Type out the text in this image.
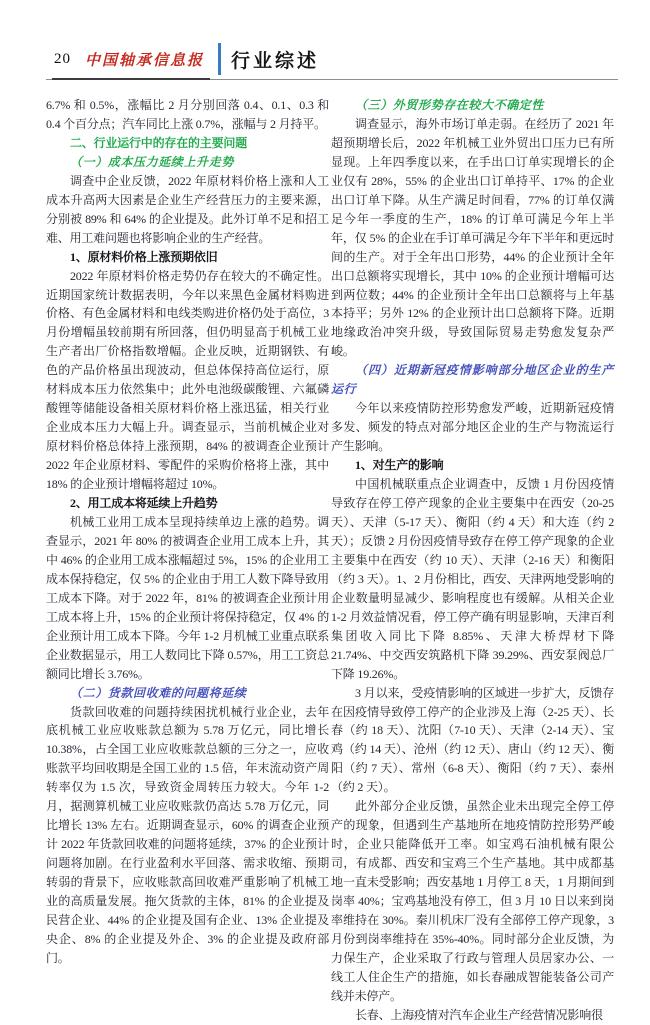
20 中国轴承信息报	行业综述

6.7% 和 0.5%，涨幅比 2 月分别回落 0.4、0.1、0.3 和 0.4 个百分点；汽车同比上涨 0.7%，涨幅与 2 月持平。

二、行业运行中的存在的主要问题

（一）成本压力延续上升走势

调查中企业反馈，2022 年原材料价格上涨和人工成本升高两大因素是企业生产经营压力的主要来源，分别被 89% 和 64% 的企业提及。此外订单不足和招工难、用工难问题也将影响企业的生产经营。

1、原材料价格上涨预期依旧

2022 年原材料价格走势仍存在较大的不确定性。近期国家统计数据表明，今年以来黑色金属材料购进价格、有色金属材料和电线类购进价格仍处于高位，3 月份增幅虽较前期有所回落，但仍明显高于机械工业生产者出厂价格指数增幅。企业反映，近期钢铁、有色的产品价格虽出现波动，但总体保持高位运行，原材料成本压力依然集中；此外电池级碳酸锂、六氟磷酸锂等储能设备相关原材料价格上涨迅猛，相关行业企业成本压力大幅上升。调查显示，当前机械企业对原材料价格总体持上涨预期，84% 的被调查企业预计 2022 年企业原材料、零配件的采购价格将上涨，其中 18% 的企业预计增幅将超过 10%。

2、用工成本将延续上升趋势

机械工业用工成本呈现持续单边上涨的趋势。调查显示，2021 年 80% 的被调查企业用工成本上升，其中 46% 的企业用工成本涨幅超过 5%，15% 的企业用工成本保持稳定，仅 5% 的企业由于用工人数下降导致用工成本下降。对于 2022 年，81% 的被调查企业预计用工成本将上升，15% 的企业预计将保持稳定，仅 4% 的企业预计用工成本下降。今年 1-2 月机械工业重点联系企业数据显示，用工人数同比下降 0.57%，用工工资总额同比增长 3.76%。

（二）货款回收难的问题将延续

货款回收难的问题持续困扰机械行业企业，去年底机械工业应收账款总额为 5.78 万亿元，同比增长 10.38%，占全国工业应收账款总额的三分之一，应收账款平均回收期是全国工业的 1.5 倍，年末流动资产周转率仅为 1.5 次，导致资金周转压力较大。今年 1-2 月，据测算机械工业应收账款仍高达 5.78 万亿元，同比增长 13% 左右。近期调查显示，60% 的调查企业预计 2022 年货款回收难的问题将延续，37% 的企业预计问题将加剧。在行业盈利水平回落、需求收缩、预期转弱的背景下，应收账款高回收难严重影响了机械工业的高质量发展。拖欠货款的主体，81% 的企业提及民营企业、44% 的企业提及国有企业、13% 企业提及央企、8% 的企业提及外企、3% 的企业提及政府部门。

（三）外贸形势存在较大不确定性

调查显示，海外市场订单走弱。在经历了 2021 年超预期增长后，2022 年机械工业外贸出口压力已有所显现。上年四季度以来，在手出口订单实现增长的企业仅有 28%，55% 的企业出口订单持平、17% 的企业出口订单下降。从生产满足时间看，77% 的订单仅满足今年一季度的生产，18% 的订单可满足今年上半年，仅 5% 的企业在手订单可满足今年下半年和更远时间的生产。对于全年出口形势，44% 的企业预计全年出口总额将实现增长，其中 10% 的企业预计增幅可达到两位数；44% 的企业预计全年出口总额将与上年基本持平；另外 12% 的企业预计出口总额将下降。近期地缘政治冲突升级，导致国际贸易走势愈发复杂严峻。

（四）近期新冠疫情影响部分地区企业的生产运行

今年以来疫情防控形势愈发严峻，近期新冠疫情多发、频发的特点对部分地区企业的生产与物流运行产生影响。

1、对生产的影响

中国机械联重点企业调查中，反馈 1 月份因疫情导致存在停工停产现象的企业主要集中在西安（20-25 天）、天津（5-17 天）、衡阳（约 4 天）和大连（约 2 天）；反馈 2 月份因疫情导致存在停工停产现象的企业主要集中在西安（约 10 天）、天津（2-16 天）和衡阳（约 3 天）。1、2 月份相比，西安、天津两地受影响的企业数量明显减少、影响程度也有缓解。从相关企业 1-2 月效益情况看，停工停产确有明显影响，天津百利集团收入同比下降 8.85%、天津大桥焊材下降 21.74%、中交西安筑路机下降 39.29%、西安泵阀总厂下降 19.26%。

3 月以来，受疫情影响的区域进一步扩大，反馈存在因疫情导致停工停产的企业涉及上海（2-25 天）、长春（约 18 天）、沈阳（7-10 天）、天津（2-14 天）、宝鸡（约 14 天）、沧州（约 12 天）、唐山（约 12 天）、衡阳（约 7 天）、常州（6-8 天）、衡阳（约 7 天）、泰州（约 2 天）。

此外部分企业反馈，虽然企业未出现完全停工停产的现象，但遇到生产基地所在地疫情防控形势严峻时，企业只能降低开工率。如宝鸡石油机械有限公司，有成都、西安和宝鸡三个生产基地。其中成都基地一直未受影响；西安基地 1 月停工 8 天，1 月期间到岗率 40%；宝鸡基地没有停工，但 3 月 10 日以来到岗率维持在 30%。秦川机床厂没有全部停工停产现象，3 月份到岗率维持在 35%-40%。同时部分企业反馈，为力保生产，企业采取了行政与管理人员居家办公、一线工人住企生产的措施，如长春融成智能装备公司产线并未停产。

长春、上海疫情对汽车企业生产经营情况影响很
